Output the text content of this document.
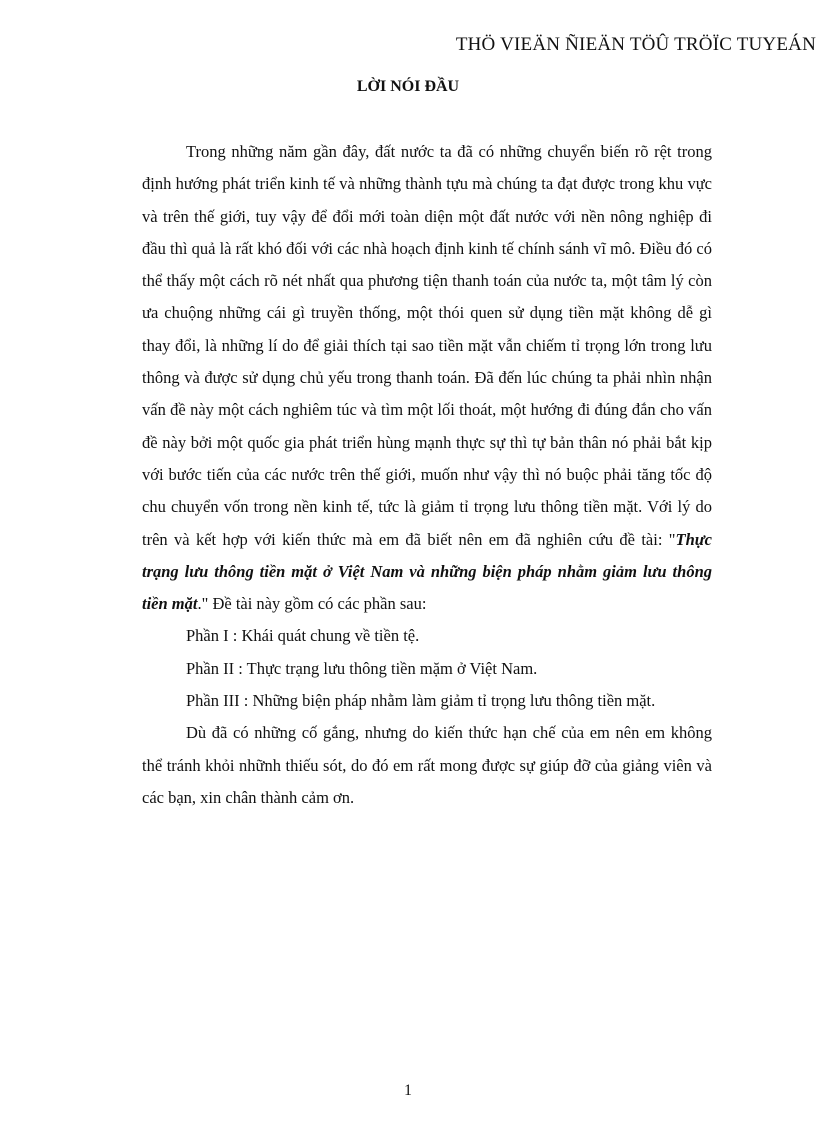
THÖ VIEÄN ÑIEÄN TÖÛ TRÖÏC TUYEÁN
LỜI NÓI ĐẦU

Trong những năm gần đây, đất nước ta đã có những chuyển biến rõ rệt trong định hướng phát triển kinh tế và những thành tựu mà chúng ta đạt được trong khu vực và trên thế giới, tuy vậy để đổi mới toàn diện một đất nước với nền nông nghiệp đi đầu thì quả là rất khó đối với các nhà hoạch định kinh tế chính sánh vĩ mô. Điều đó có thể thấy một cách rõ nét nhất qua phương tiện thanh toán của nước ta, một tâm lý còn ưa chuộng những cái gì truyền thống, một thói quen sử dụng tiền mặt không dễ gì thay đổi, là những lí do để giải thích tại sao tiền mặt vẫn chiếm tỉ trọng lớn trong lưu thông và được sử dụng chủ yếu trong thanh toán. Đã đến lúc chúng ta phải nhìn nhận vấn đề này một cách nghiêm túc và tìm một lối thoát, một hướng đi đúng đắn cho vấn đề này bởi một quốc gia phát triển hùng mạnh thực sự thì tự bản thân nó phải bắt kịp với bước tiến của các nước trên thế giới, muốn như vậy thì nó buộc phải tăng tốc độ chu chuyển vốn trong nền kinh tế, tức là giảm tỉ trọng lưu thông tiền mặt. Với lý do trên và kết hợp với kiến thức mà em đã biết nên em đã nghiên cứu đề tài: "Thực trạng lưu thông tiền mặt ở Việt Nam và những biện pháp nhằm giảm lưu thông tiền mặt." Đề tài này gồm có các phần sau:

Phần I : Khái quát chung về tiền tệ.

Phần II : Thực trạng lưu thông tiền mặm ở Việt Nam.

Phần III : Những biện pháp nhằm làm giảm tỉ trọng lưu thông tiền mặt.

Dù đã có những cố gắng, nhưng do kiến thức hạn chế của em nên em không thể tránh khỏi nhữnh thiếu sót, do đó em rất mong được sự giúp đỡ của giảng viên và các bạn, xin chân thành cảm ơn.

1
